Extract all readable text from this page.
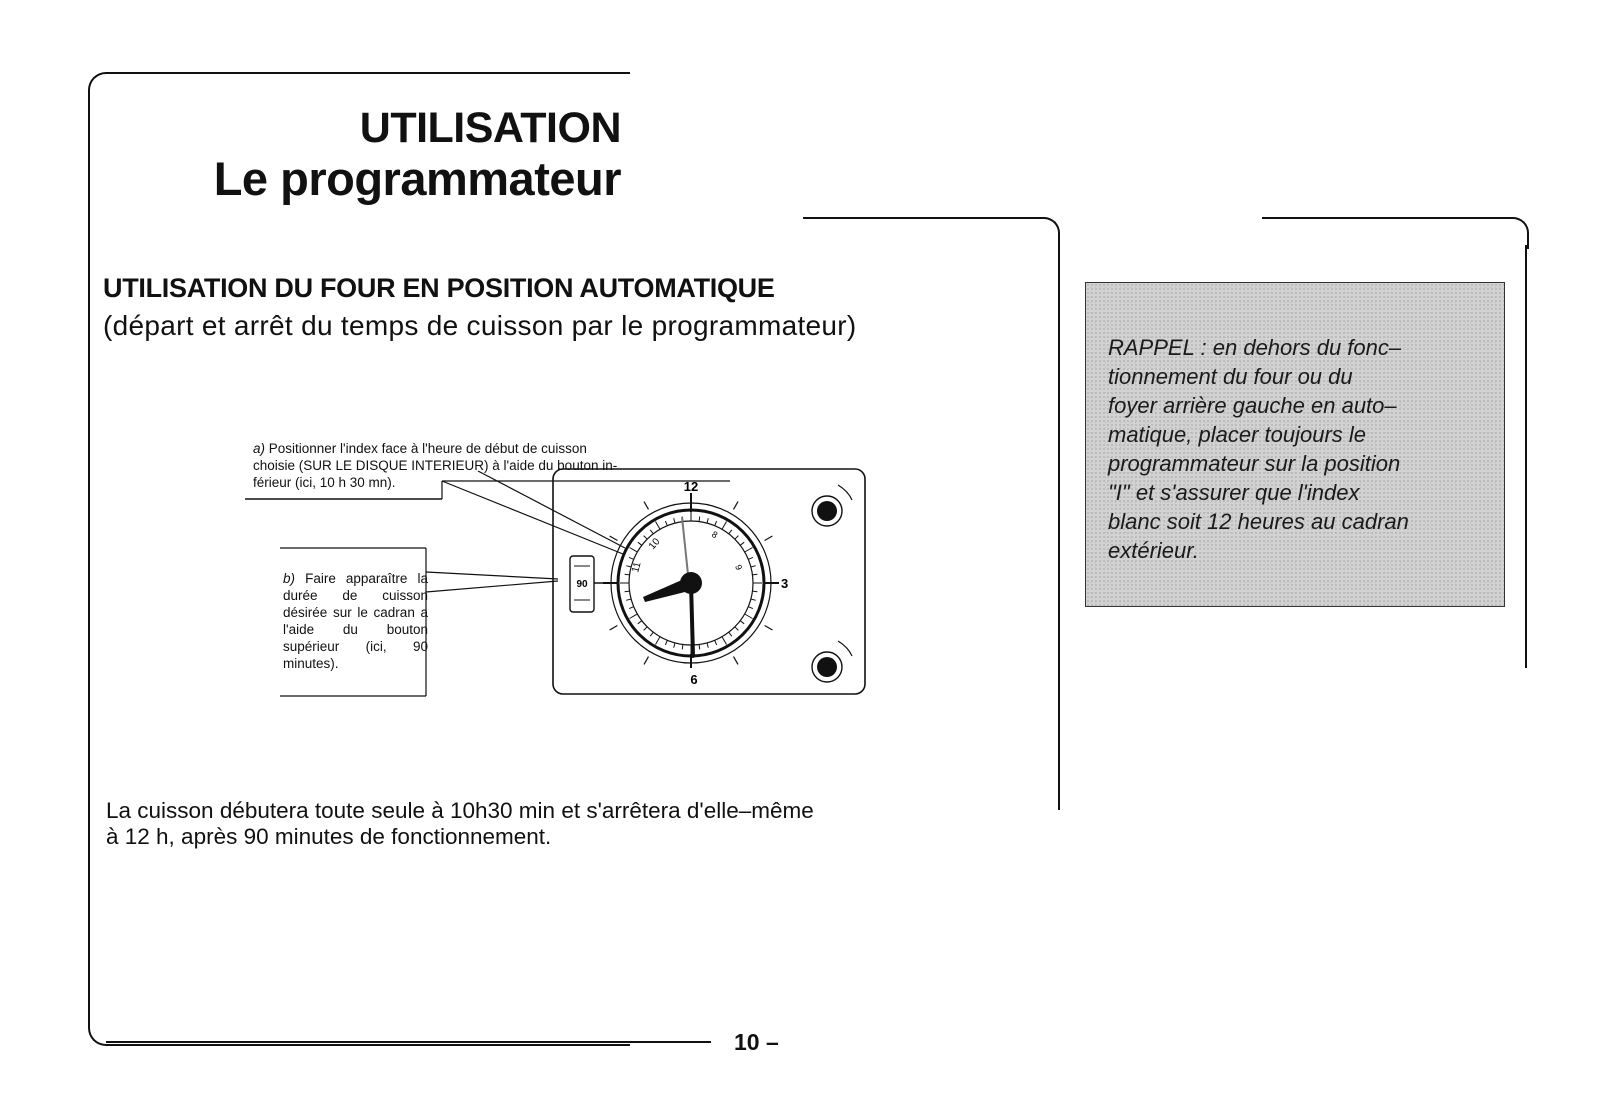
UTILISATION
Le programmateur
UTILISATION DU FOUR EN POSITION AUTOMATIQUE
(départ et arrêt du temps de cuisson par le programmateur)
12
3
6
90
10
11
8
9
a) Positionner l'index face à l'heure de début de cuisson
choisie (SUR LE DISQUE INTERIEUR) à l'aide du bouton in-
férieur (ici, 10 h 30 mn).
b) Faire apparaître la durée de cuisson désirée sur le cadran a l'aide du bouton supérieur (ici, 90 minutes).
La cuisson débutera toute seule à 10h30 min et s'arrêtera d'elle–même
à 12 h, après 90 minutes de fonctionnement.
RAPPEL : en dehors du fonc–
tionnement du four ou du
foyer arrière gauche en auto–
matique, placer toujours le
programmateur sur la position
"I" et s'assurer que l'index
blanc soit 12 heures au cadran
extérieur.
10 –
